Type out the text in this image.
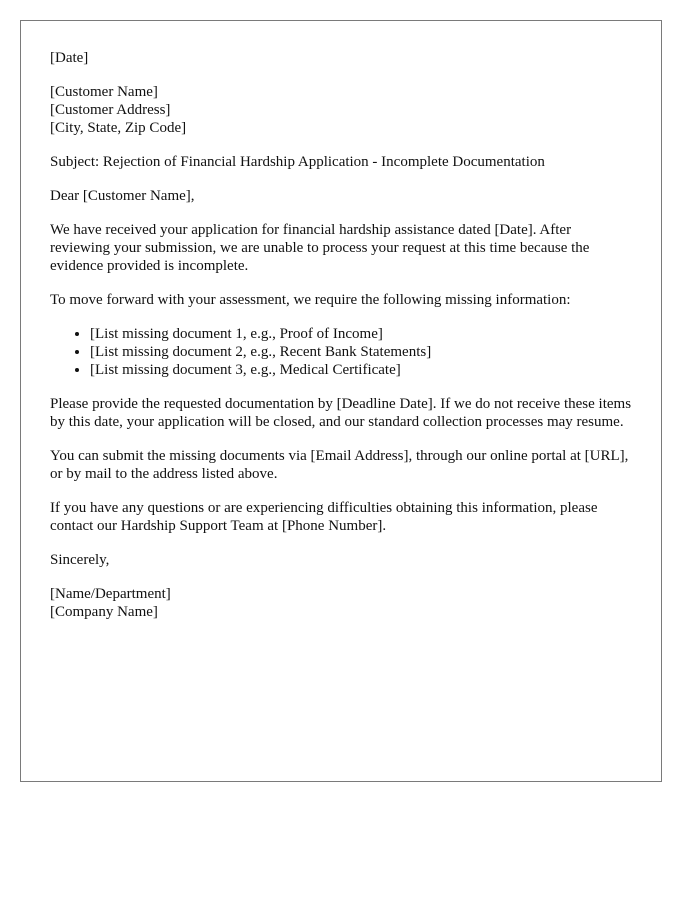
[Date]
[Customer Name]
[Customer Address]
[City, State, Zip Code]

Subject: Rejection of Financial Hardship Application - Incomplete Documentation

Dear [Customer Name],

We have received your application for financial hardship assistance dated [Date]. After reviewing your submission, we are unable to process your request at this time because the evidence provided is incomplete.

To move forward with your assessment, we require the following missing information:

• [List missing document 1, e.g., Proof of Income]
• [List missing document 2, e.g., Recent Bank Statements]
• [List missing document 3, e.g., Medical Certificate]

Please provide the requested documentation by [Deadline Date]. If we do not receive these items by this date, your application will be closed, and our standard collection processes may resume.

You can submit the missing documents via [Email Address], through our online portal at [URL], or by mail to the address listed above.

If you have any questions or are experiencing difficulties obtaining this information, please contact our Hardship Support Team at [Phone Number].

Sincerely,

[Name/Department]
[Company Name]
